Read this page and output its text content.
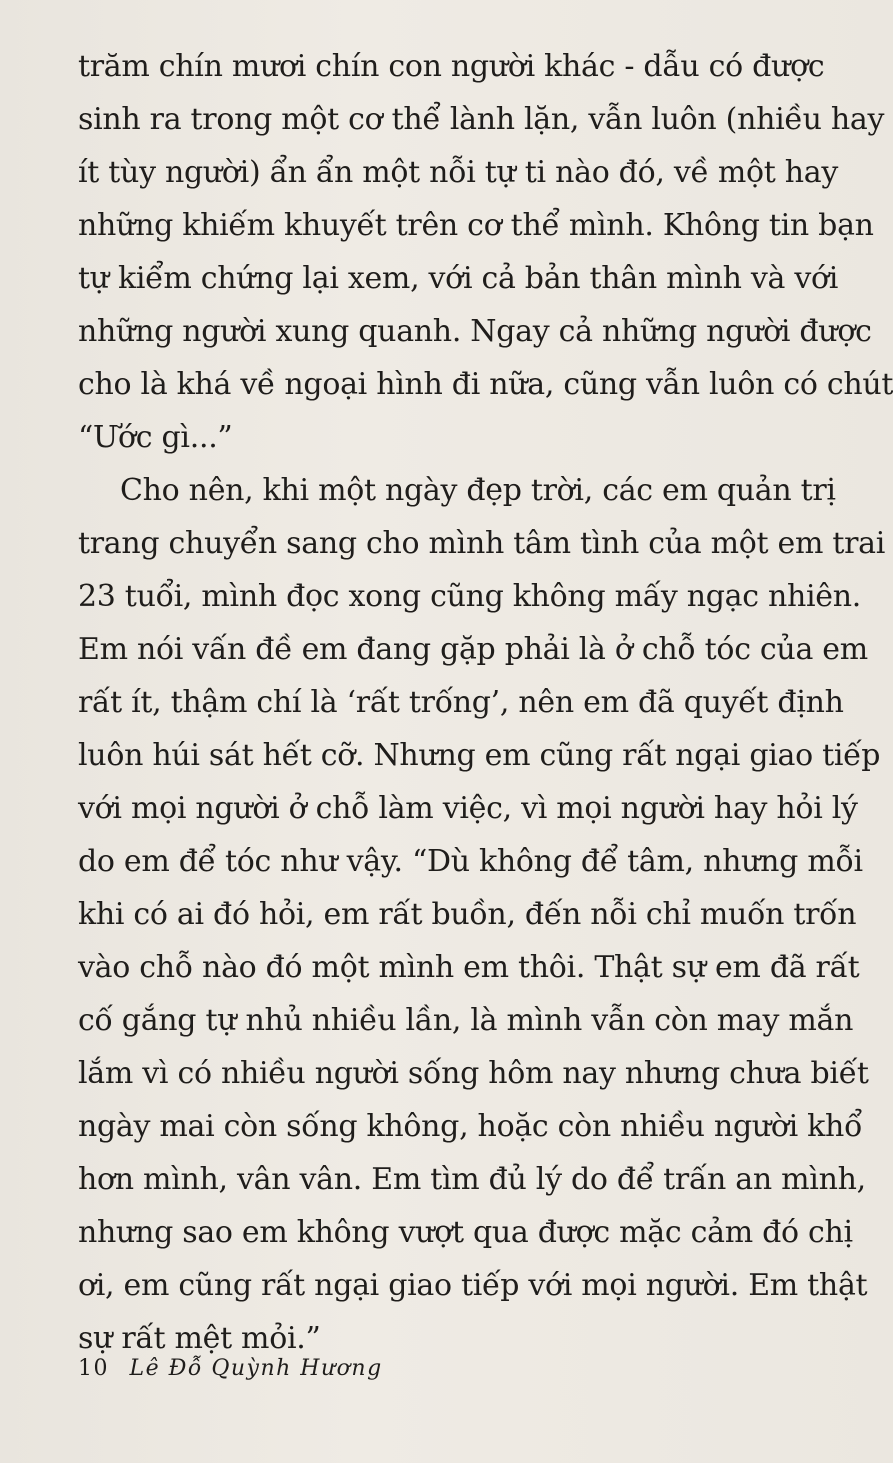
trăm chín mươi chín con người khác - dẫu có được
sinh ra trong một cơ thể lành lặn, vẫn luôn (nhiều hay
ít tùy người) ẩn ẩn một nỗi tự ti nào đó, về một hay
những khiếm khuyết trên cơ thể mình. Không tin bạn
tự kiểm chứng lại xem, với cả bản thân mình và với
những người xung quanh. Ngay cả những người được
cho là khá về ngoại hình đi nữa, cũng vẫn luôn có chút
“Ước gì...”
Cho nên, khi một ngày đẹp trời, các em quản trị
trang chuyển sang cho mình tâm tình của một em trai
23 tuổi, mình đọc xong cũng không mấy ngạc nhiên.
Em nói vấn đề em đang gặp phải là ở chỗ tóc của em
rất ít, thậm chí là ‘rất trống’, nên em đã quyết định
luôn húi sát hết cỡ. Nhưng em cũng rất ngại giao tiếp
với mọi người ở chỗ làm việc, vì mọi người hay hỏi lý
do em để tóc như vậy. “Dù không để tâm, nhưng mỗi
khi có ai đó hỏi, em rất buồn, đến nỗi chỉ muốn trốn
vào chỗ nào đó một mình em thôi. Thật sự em đã rất
cố gắng tự nhủ nhiều lần, là mình vẫn còn may mắn
lắm vì có nhiều người sống hôm nay nhưng chưa biết
ngày mai còn sống không, hoặc còn nhiều người khổ
hơn mình, vân vân. Em tìm đủ lý do để trấn an mình,
nhưng sao em không vượt qua được mặc cảm đó chị
ơi, em cũng rất ngại giao tiếp với mọi người. Em thật
sự rất mệt mỏi.”
10 Lê Đỗ Quỳnh Hương
